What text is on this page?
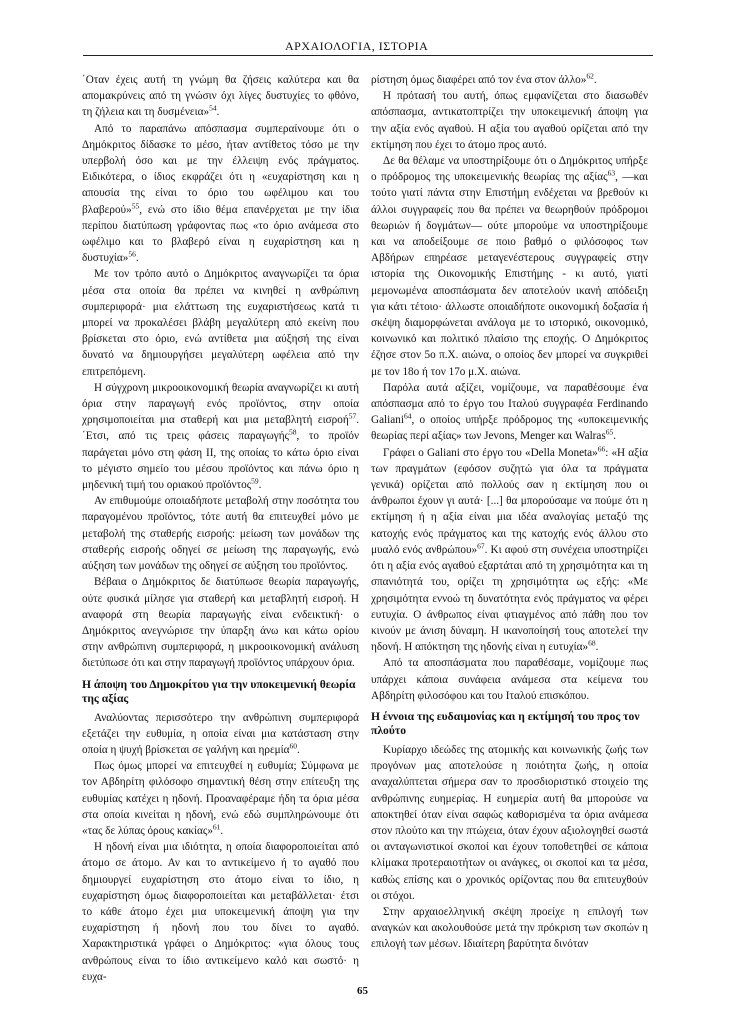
ΑΡΧΑΙΟΛΟΓΙΑ, ΙΣΤΟΡΙΑ

΄Οταν έχεις αυτή τη γνώμη θα ζήσεις καλύτερα και θα απομακρύνεις από τη γνώσιν όχι λίγες δυστυχίες το φθόνο, τη ζήλεια και τη δυσμένεια»$^{54}$.

Από το παραπάνω απόσπασμα συμπεραίνουμε ότι ο Δημόκριτος δίδασκε το μέσο, ήταν αντίθετος τόσο με την υπερβολή όσο και με την έλλειψη ενός πράγματος. Ειδικότερα, ο ίδιος εκφράζει ότι η «ευχαρίστηση και η απουσία της είναι το όριο του ωφέλιμου και του βλαβερού»$^{55}$, ενώ στο ίδιο θέμα επανέρχεται με την ίδια περίπου διατύπωση γράφοντας πως «το όριο ανάμεσα στο ωφέλιμο και το βλαβερό είναι η ευχαρίστηση και η δυστυχία»$^{56}$.

Με τον τρόπο αυτό ο Δημόκριτος αναγνωρίζει τα όρια μέσα στα οποία θα πρέπει να κινηθεί η ανθρώπινη συμπεριφορά· μια ελάττωση της ευχαριστήσεως κατά τι μπορεί να προκαλέσει βλάβη μεγαλύτερη από εκείνη που βρίσκεται στο όριο, ενώ αντίθετα μια αύξησή της είναι δυνατό να δημιουργήσει μεγαλύτερη ωφέλεια από την επιτρεπόμενη.

Η σύγχρονη μικροοικονομική θεωρία αναγνωρίζει κι αυτή όρια στην παραγωγή ενός προϊόντος, στην οποία χρησιμοποιείται μια σταθερή και μια μεταβλητή εισροή$^{57}$. ΄Ετσι, από τις τρεις φάσεις παραγωγής$^{58}$, το προϊόν παράγεται μόνο στη φάση ΙΙ, της οποίας το κάτω όριο είναι το μέγιστο σημείο του μέσου προϊόντος και πάνω όριο η μηδενική τιμή του οριακού προϊόντος$^{59}$.

Αν επιθυμούμε οποιαδήποτε μεταβολή στην ποσότητα του παραγομένου προϊόντος, τότε αυτή θα επιτευχθεί μόνο με μεταβολή της σταθερής εισροής: μείωση των μονάδων της σταθερής εισροής οδηγεί σε μείωση της παραγωγής, ενώ αύξηση των μονάδων της οδηγεί σε αύξηση του προϊόντος.

Βέβαια ο Δημόκριτος δε διατύπωσε θεωρία παραγωγής, ούτε φυσικά μίλησε για σταθερή και μεταβλητή εισροή. Η αναφορά στη θεωρία παραγωγής είναι ενδεικτική· ο Δημόκριτος ανεγνώρισε την ύπαρξη άνω και κάτω ορίου στην ανθρώπινη συμπεριφορά, η μικροοικονομική ανάλυση διετύπωσε ότι και στην παραγωγή προϊόντος υπάρχουν όρια.

Η άποψη του Δημοκρίτου για την υποκειμενική θεωρία της αξίας

Αναλύοντας περισσότερο την ανθρώπινη συμπεριφορά εξετάζει την ευθυμία, η οποία είναι μια κατάσταση στην οποία η ψυχή βρίσκεται σε γαλήνη και ηρεμία$^{60}$.

Πως όμως μπορεί να επιτευχθεί η ευθυμία; Σύμφωνα με τον Αβδηρίτη φιλόσοφο σημαντική θέση στην επίτευξη της ευθυμίας κατέχει η ηδονή. Προαναφέραμε ήδη τα όρια μέσα στα οποία κινείται η ηδονή, ενώ εδώ συμπληρώνουμε ότι «τας δε λύπας όρους κακίας»$^{61}$.

Η ηδονή είναι μια ιδιότητα, η οποία διαφοροποιείται από άτομο σε άτομο. Αν και το αντικείμενο ή το αγαθό που δημιουργεί ευχαρίστηση στο άτομο είναι το ίδιο, η ευχαρίστηση όμως διαφοροποιείται και μεταβάλλεται· έτσι το κάθε άτομο έχει μια υποκειμενική άποψη για την ευχαρίστηση ή ηδονή που του δίνει το αγαθό. Χαρακτηριστικά γράφει ο Δημόκριτος: «για όλους τους ανθρώπους είναι το ίδιο αντικείμενο καλό και σωστό· η ευχα-

ρίστηση όμως διαφέρει από τον ένα στον άλλο»$^{62}$.

Η πρότασή του αυτή, όπως εμφανίζεται στο διασωθέν απόσπασμα, αντικατοπτρίζει την υποκειμενική άποψη για την αξία ενός αγαθού. Η αξία του αγαθού ορίζεται από την εκτίμηση που έχει το άτομο προς αυτό.

Δε θα θέλαμε να υποστηρίξουμε ότι ο Δημόκριτος υπήρξε ο πρόδρομος της υποκειμενικής θεωρίας της αξίας$^{63}$, —και τούτο γιατί πάντα στην Επιστήμη ενδέχεται να βρεθούν κι άλλοι συγγραφείς που θα πρέπει να θεωρηθούν πρόδρομοι θεωριών ή δογμάτων— ούτε μπορούμε να υποστηρίξουμε και να αποδείξουμε σε ποιο βαθμό ο φιλόσοφος των Αβδήρων επηρέασε μεταγενέστερους συγγραφείς στην ιστορία της Οικονομικής Επιστήμης - κι αυτό, γιατί μεμονωμένα αποσπάσματα δεν αποτελούν ικανή απόδειξη για κάτι τέτοιο· άλλωστε οποιαδήποτε οικονομική δοξασία ή σκέψη διαμορφώνεται ανάλογα με το ιστορικό, οικονομικό, κοινωνικό και πολιτικό πλαίσιο της εποχής. Ο Δημόκριτος έζησε στον 5ο π.Χ. αιώνα, ο οποίος δεν μπορεί να συγκριθεί με τον 18ο ή τον 17ο μ.Χ. αιώνα.

Παρόλα αυτά αξίζει, νομίζουμε, να παραθέσουμε ένα απόσπασμα από το έργο του Ιταλού συγγραφέα Ferdinando Galiani$^{64}$, ο οποίος υπήρξε πρόδρομος της «υποκειμενικής θεωρίας περί αξίας» των Jevons, Menger και Walras$^{65}$.

Γράφει ο Galiani στο έργο του «Della Moneta»$^{66}$: «Η αξία των πραγμάτων (εφόσον συζητώ για όλα τα πράγματα γενικά) ορίζεται από πολλούς σαν η εκτίμηση που οι άνθρωποι έχουν γι αυτά· [...] θα μπορούσαμε να πούμε ότι η εκτίμηση ή η αξία είναι μια ιδέα αναλογίας μεταξύ της κατοχής ενός πράγματος και της κατοχής ενός άλλου στο μυαλό ενός ανθρώπου»$^{67}$. Κι αφού στη συνέχεια υποστηρίζει ότι η αξία ενός αγαθού εξαρτάται από τη χρησιμότητα και τη σπανιότητά του, ορίζει τη χρησιμότητα ως εξής: «Με χρησιμότητα εννοώ τη δυνατότητα ενός πράγματος να φέρει ευτυχία. Ο άνθρωπος είναι φτιαγμένος από πάθη που τον κινούν με άνιση δύναμη. Η ικανοποίησή τους αποτελεί την ηδονή. Η απόκτηση της ηδονής είναι η ευτυχία»$^{68}$.

Από τα αποσπάσματα που παραθέσαμε, νομίζουμε πως υπάρχει κάποια συνάφεια ανάμεσα στα κείμενα του Αβδηρίτη φιλοσόφου και του Ιταλού επισκόπου.

Η έννοια της ευδαιμονίας και η εκτίμησή του προς τον πλούτο

Κυρίαρχο ιδεώδες της ατομικής και κοινωνικής ζωής των προγόνων μας αποτελούσε η ποιότητα ζωής, η οποία αναχαλύπτεται σήμερα σαν το προσδιοριστικό στοιχείο της ανθρώπινης ευημερίας. Η ευημερία αυτή θα μπορούσε να αποκτηθεί όταν είναι σαφώς καθορισμένα τα όρια ανάμεσα στον πλούτο και την πτώχεια, όταν έχουν αξιολογηθεί σωστά οι ανταγωνιστικοί σκοποί και έχουν τοποθετηθεί σε κάποια κλίμακα προτεραιοτήτων οι ανάγκες, οι σκοποί και τα μέσα, καθώς επίσης και ο χρονικός ορίζοντας που θα επιτευχθούν οι στόχοι.

Στην αρχαιοελληνική σκέψη προείχε η επιλογή των αναγκών και ακολουθούσε μετά την πρόκριση των σκοπών η επιλογή των μέσων. Ιδιαίτερη βαρύτητα δινόταν

65
